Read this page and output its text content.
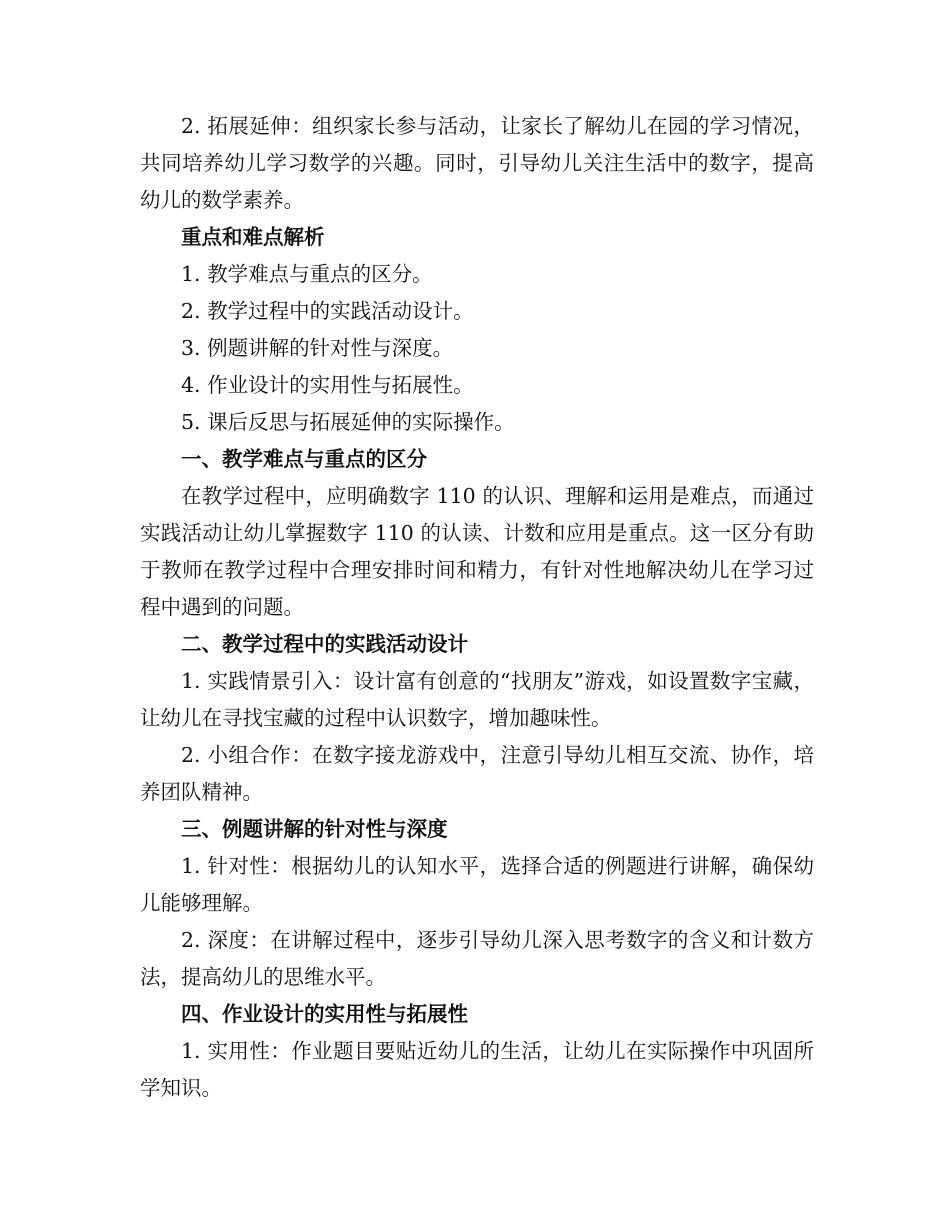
2. 拓展延伸：组织家长参与活动，让家长了解幼儿在园的学习情况，共同培养幼儿学习数学的兴趣。同时，引导幼儿关注生活中的数字，提高幼儿的数学素养。

重点和难点解析

1. 教学难点与重点的区分。

2. 教学过程中的实践活动设计。

3. 例题讲解的针对性与深度。

4. 作业设计的实用性与拓展性。

5. 课后反思与拓展延伸的实际操作。

一、教学难点与重点的区分

在教学过程中，应明确数字 110 的认识、理解和运用是难点，而通过实践活动让幼儿掌握数字 110 的认读、计数和应用是重点。这一区分有助于教师在教学过程中合理安排时间和精力，有针对性地解决幼儿在学习过程中遇到的问题。

二、教学过程中的实践活动设计

1. 实践情景引入：设计富有创意的“找朋友”游戏，如设置数字宝藏，让幼儿在寻找宝藏的过程中认识数字，增加趣味性。

2. 小组合作：在数字接龙游戏中，注意引导幼儿相互交流、协作，培养团队精神。

三、例题讲解的针对性与深度

1. 针对性：根据幼儿的认知水平，选择合适的例题进行讲解，确保幼儿能够理解。

2. 深度：在讲解过程中，逐步引导幼儿深入思考数字的含义和计数方法，提高幼儿的思维水平。

四、作业设计的实用性与拓展性

1. 实用性：作业题目要贴近幼儿的生活，让幼儿在实际操作中巩固所学知识。
